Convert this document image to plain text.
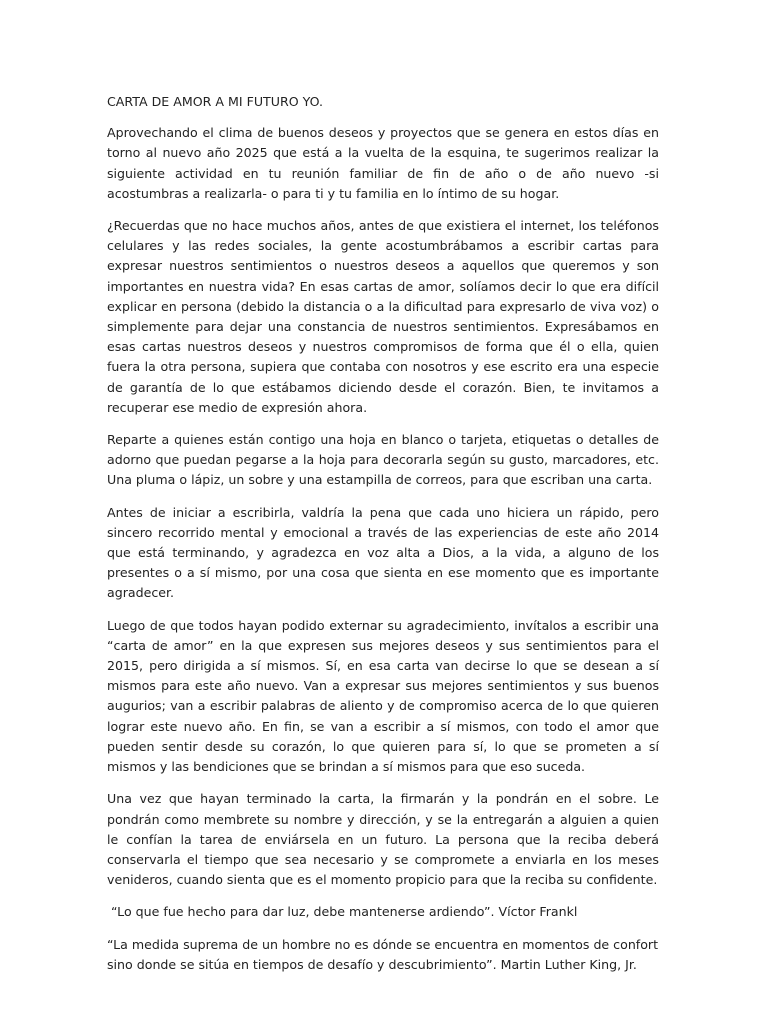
CARTA DE AMOR A MI FUTURO YO.

Aprovechando el clima de buenos deseos y proyectos que se genera en estos días en torno al nuevo año 2025 que está a la vuelta de la esquina, te sugerimos realizar la siguiente actividad en tu reunión familiar de fin de año o de año nuevo -si acostumbras a realizarla- o para ti y tu familia en lo íntimo de su hogar.

¿Recuerdas que no hace muchos años, antes de que existiera el internet, los teléfonos celulares y las redes sociales, la gente acostumbrábamos a escribir cartas para expresar nuestros sentimientos o nuestros deseos a aquellos que queremos y son importantes en nuestra vida? En esas cartas de amor, solíamos decir lo que era difícil explicar en persona (debido la distancia o a la dificultad para expresarlo de viva voz) o simplemente para dejar una constancia de nuestros sentimientos. Expresábamos en esas cartas nuestros deseos y nuestros compromisos de forma que él o ella, quien fuera la otra persona, supiera que contaba con nosotros y ese escrito era una especie de garantía de lo que estábamos diciendo desde el corazón. Bien, te invitamos a recuperar ese medio de expresión ahora.

Reparte a quienes están contigo una hoja en blanco o tarjeta, etiquetas o detalles de adorno que puedan pegarse a la hoja para decorarla según su gusto, marcadores, etc. Una pluma o lápiz, un sobre y una estampilla de correos, para que escriban una carta.

Antes de iniciar a escribirla, valdría la pena que cada uno hiciera un rápido, pero sincero recorrido mental y emocional a través de las experiencias de este año 2014 que está terminando, y agradezca en voz alta a Dios, a la vida, a alguno de los presentes o a sí mismo, por una cosa que sienta en ese momento que es importante agradecer.

Luego de que todos hayan podido externar su agradecimiento, invítalos a escribir una “carta de amor” en la que expresen sus mejores deseos y sus sentimientos para el 2015, pero dirigida a sí mismos. Sí, en esa carta van decirse lo que se desean a sí mismos para este año nuevo. Van a expresar sus mejores sentimientos y sus buenos augurios; van a escribir palabras de aliento y de compromiso acerca de lo que quieren lograr este nuevo año. En fin, se van a escribir a sí mismos, con todo el amor que pueden sentir desde su corazón, lo que quieren para sí, lo que se prometen a sí mismos y las bendiciones que se brindan a sí mismos para que eso suceda.

Una vez que hayan terminado la carta, la firmarán y la pondrán en el sobre. Le pondrán como membrete su nombre y dirección, y se la entregarán a alguien a quien le confían la tarea de enviársela en un futuro. La persona que la reciba deberá conservarla el tiempo que sea necesario y se compromete a enviarla en los meses venideros, cuando sienta que es el momento propicio para que la reciba su confidente.

“Lo que fue hecho para dar luz, debe mantenerse ardiendo”. Víctor Frankl

“La medida suprema de un hombre no es dónde se encuentra en momentos de confort sino donde se sitúa en tiempos de desafío y descubrimiento”. Martin Luther King, Jr.
